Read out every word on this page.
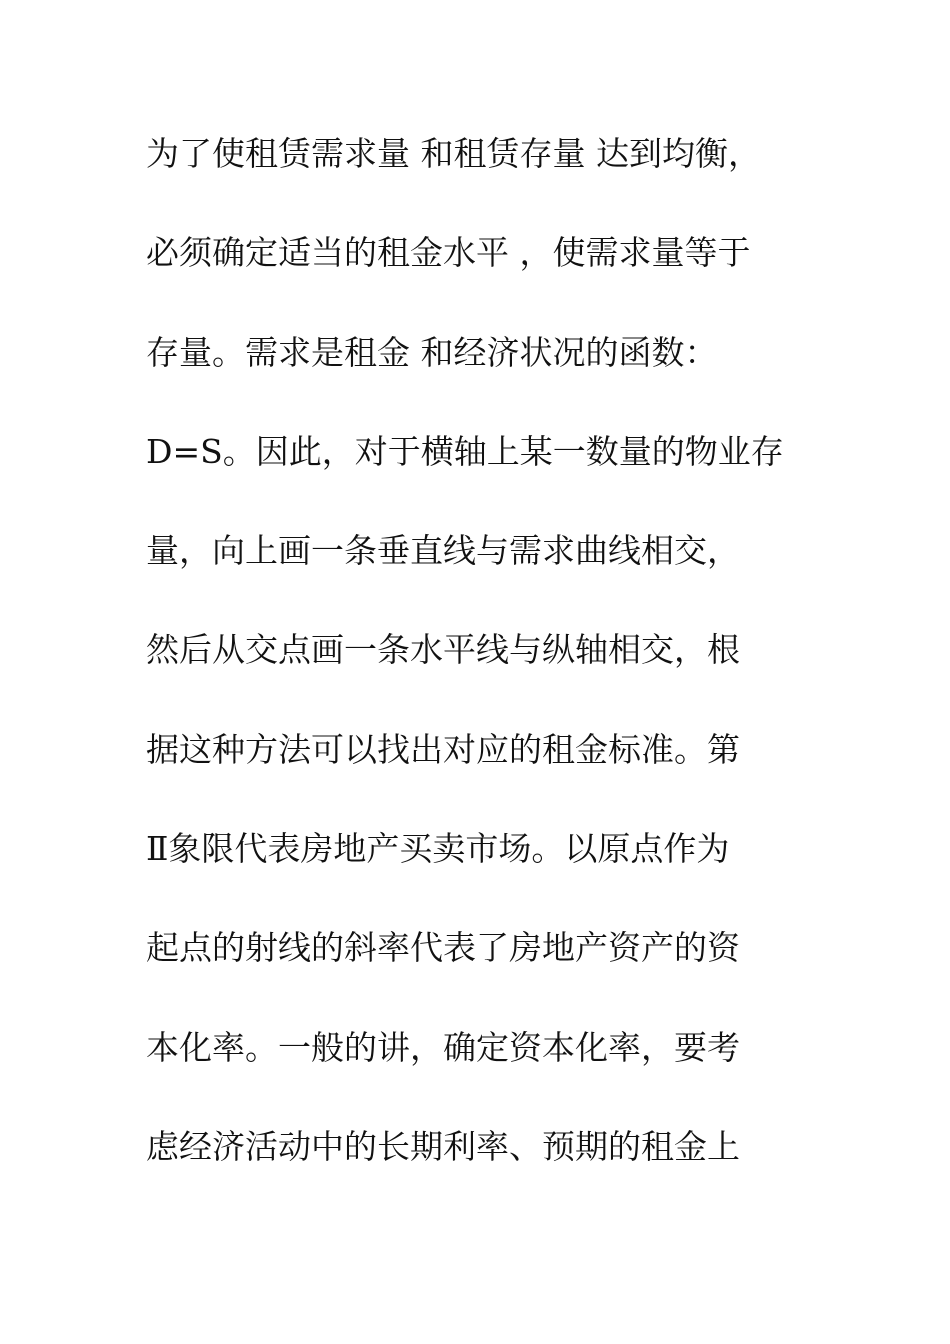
为了使租赁需求量 和租赁存量 达到均衡，
必须确定适当的租金水平 ，使需求量等于
存量。需求是租金 和经济状况的函数：
D=S。因此，对于横轴上某一数量的物业存
量，向上画一条垂直线与需求曲线相交，
然后从交点画一条水平线与纵轴相交，根
据这种方法可以找出对应的租金标准。第
Ⅱ象限代表房地产买卖市场。以原点作为
起点的射线的斜率代表了房地产资产的资
本化率。一般的讲，确定资本化率，要考
虑经济活动中的长期利率、预期的租金上
